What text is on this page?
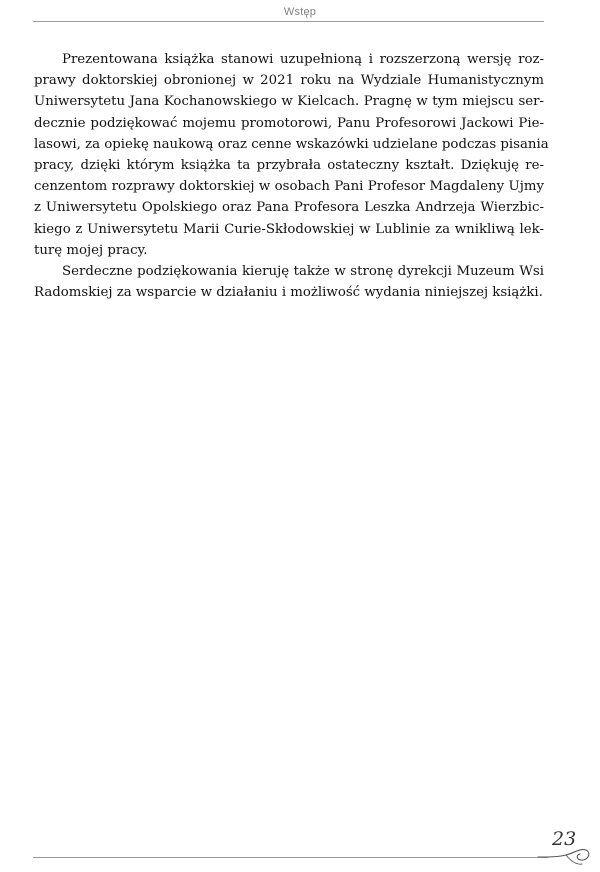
Wstęp

Prezentowana książka stanowi uzupełnioną i rozszerzoną wersję roz-
prawy doktorskiej obronionej w 2021 roku na Wydziale Humanistycznym
Uniwersytetu Jana Kochanowskiego w Kielcach. Pragnę w tym miejscu ser-
decznie podziękować mojemu promotorowi, Panu Profesorowi Jackowi Pie-
lasowi, za opiekę naukową oraz cenne wskazówki udzielane podczas pisania
pracy, dzięki którym książka ta przybrała ostateczny kształt. Dziękuję re-
cenzentom rozprawy doktorskiej w osobach Pani Profesor Magdaleny Ujmy
z Uniwersytetu Opolskiego oraz Pana Profesora Leszka Andrzeja Wierzbic-
kiego z Uniwersytetu Marii Curie-Skłodowskiej w Lublinie za wnikliwą lek-
turę mojej pracy.

Serdeczne podziękowania kieruję także w stronę dyrekcji Muzeum Wsi
Radomskiej za wsparcie w działaniu i możliwość wydania niniejszej książki.

23
